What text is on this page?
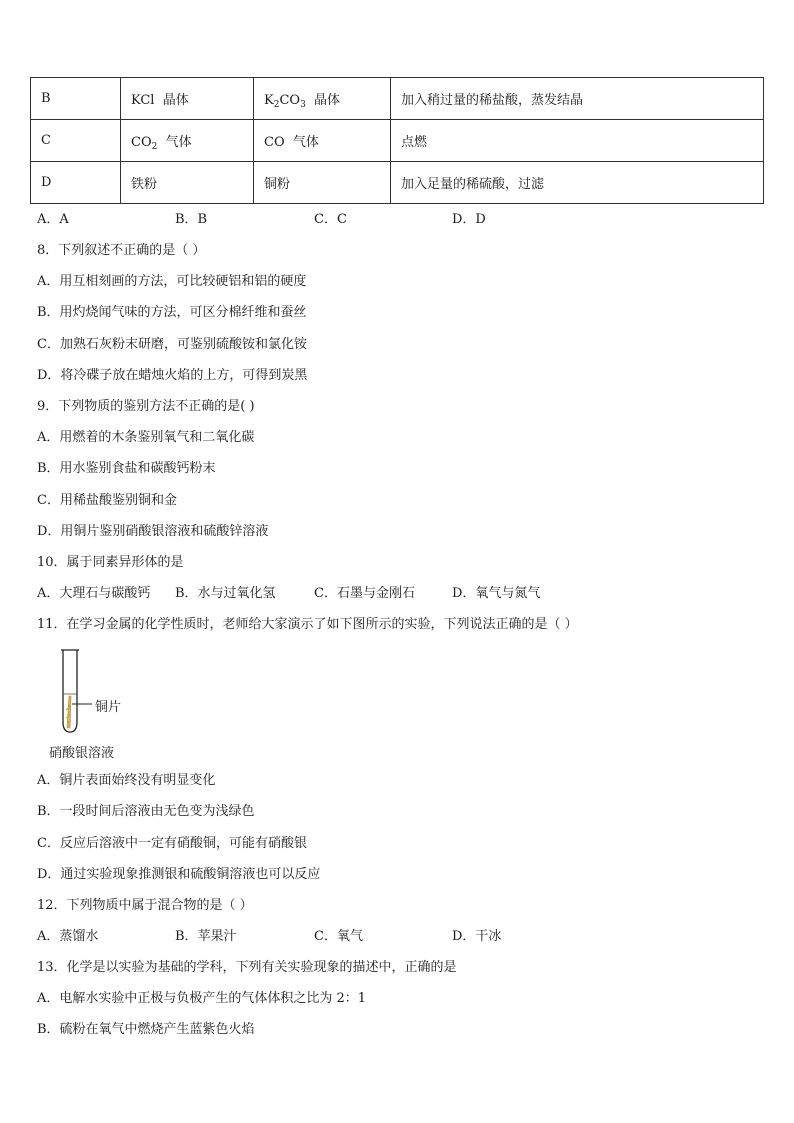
B	KCl  晶体	$K_2CO_3$  晶体	加入稍过量的稀盐酸，蒸发结晶
C	$CO_2$  气体	CO  气体	点燃
D	铁粉	铜粉	加入足量的稀硫酸，过滤
A．A	B．B	C．C	D．D
8．下列叙述不正确的是（ ）
A．用互相刻画的方法，可比较硬铝和铝的硬度
B．用灼烧闻气味的方法，可区分棉纤维和蚕丝
C．加熟石灰粉末研磨，可鉴别硫酸铵和氯化铵
D．将冷碟子放在蜡烛火焰的上方，可得到炭黑
9．下列物质的鉴别方法不正确的是( )
A．用燃着的木条鉴别氧气和二氧化碳
B．用水鉴别食盐和碳酸钙粉末
C．用稀盐酸鉴别铜和金
D．用铜片鉴别硝酸银溶液和硫酸锌溶液
10．属于同素异形体的是
A．大理石与碳酸钙 B．水与过氧化氢	C．石墨与金刚石	D．氧气与氮气
11．在学习金属的化学性质时，老师给大家演示了如下图所示的实验，下列说法正确的是（ ）
铜片
硝酸银溶液
A．铜片表面始终没有明显变化
B．一段时间后溶液由无色变为浅绿色
C．反应后溶液中一定有硝酸铜，可能有硝酸银
D．通过实验现象推测银和硫酸铜溶液也可以反应
12．下列物质中属于混合物的是（ ）
A．蒸馏水	B．苹果汁	C．氧气	D．干冰
13．化学是以实验为基础的学科，下列有关实验现象的描述中，正确的是
A．电解水实验中正极与负极产生的气体体积之比为 2：1
B．硫粉在氧气中燃烧产生蓝紫色火焰
